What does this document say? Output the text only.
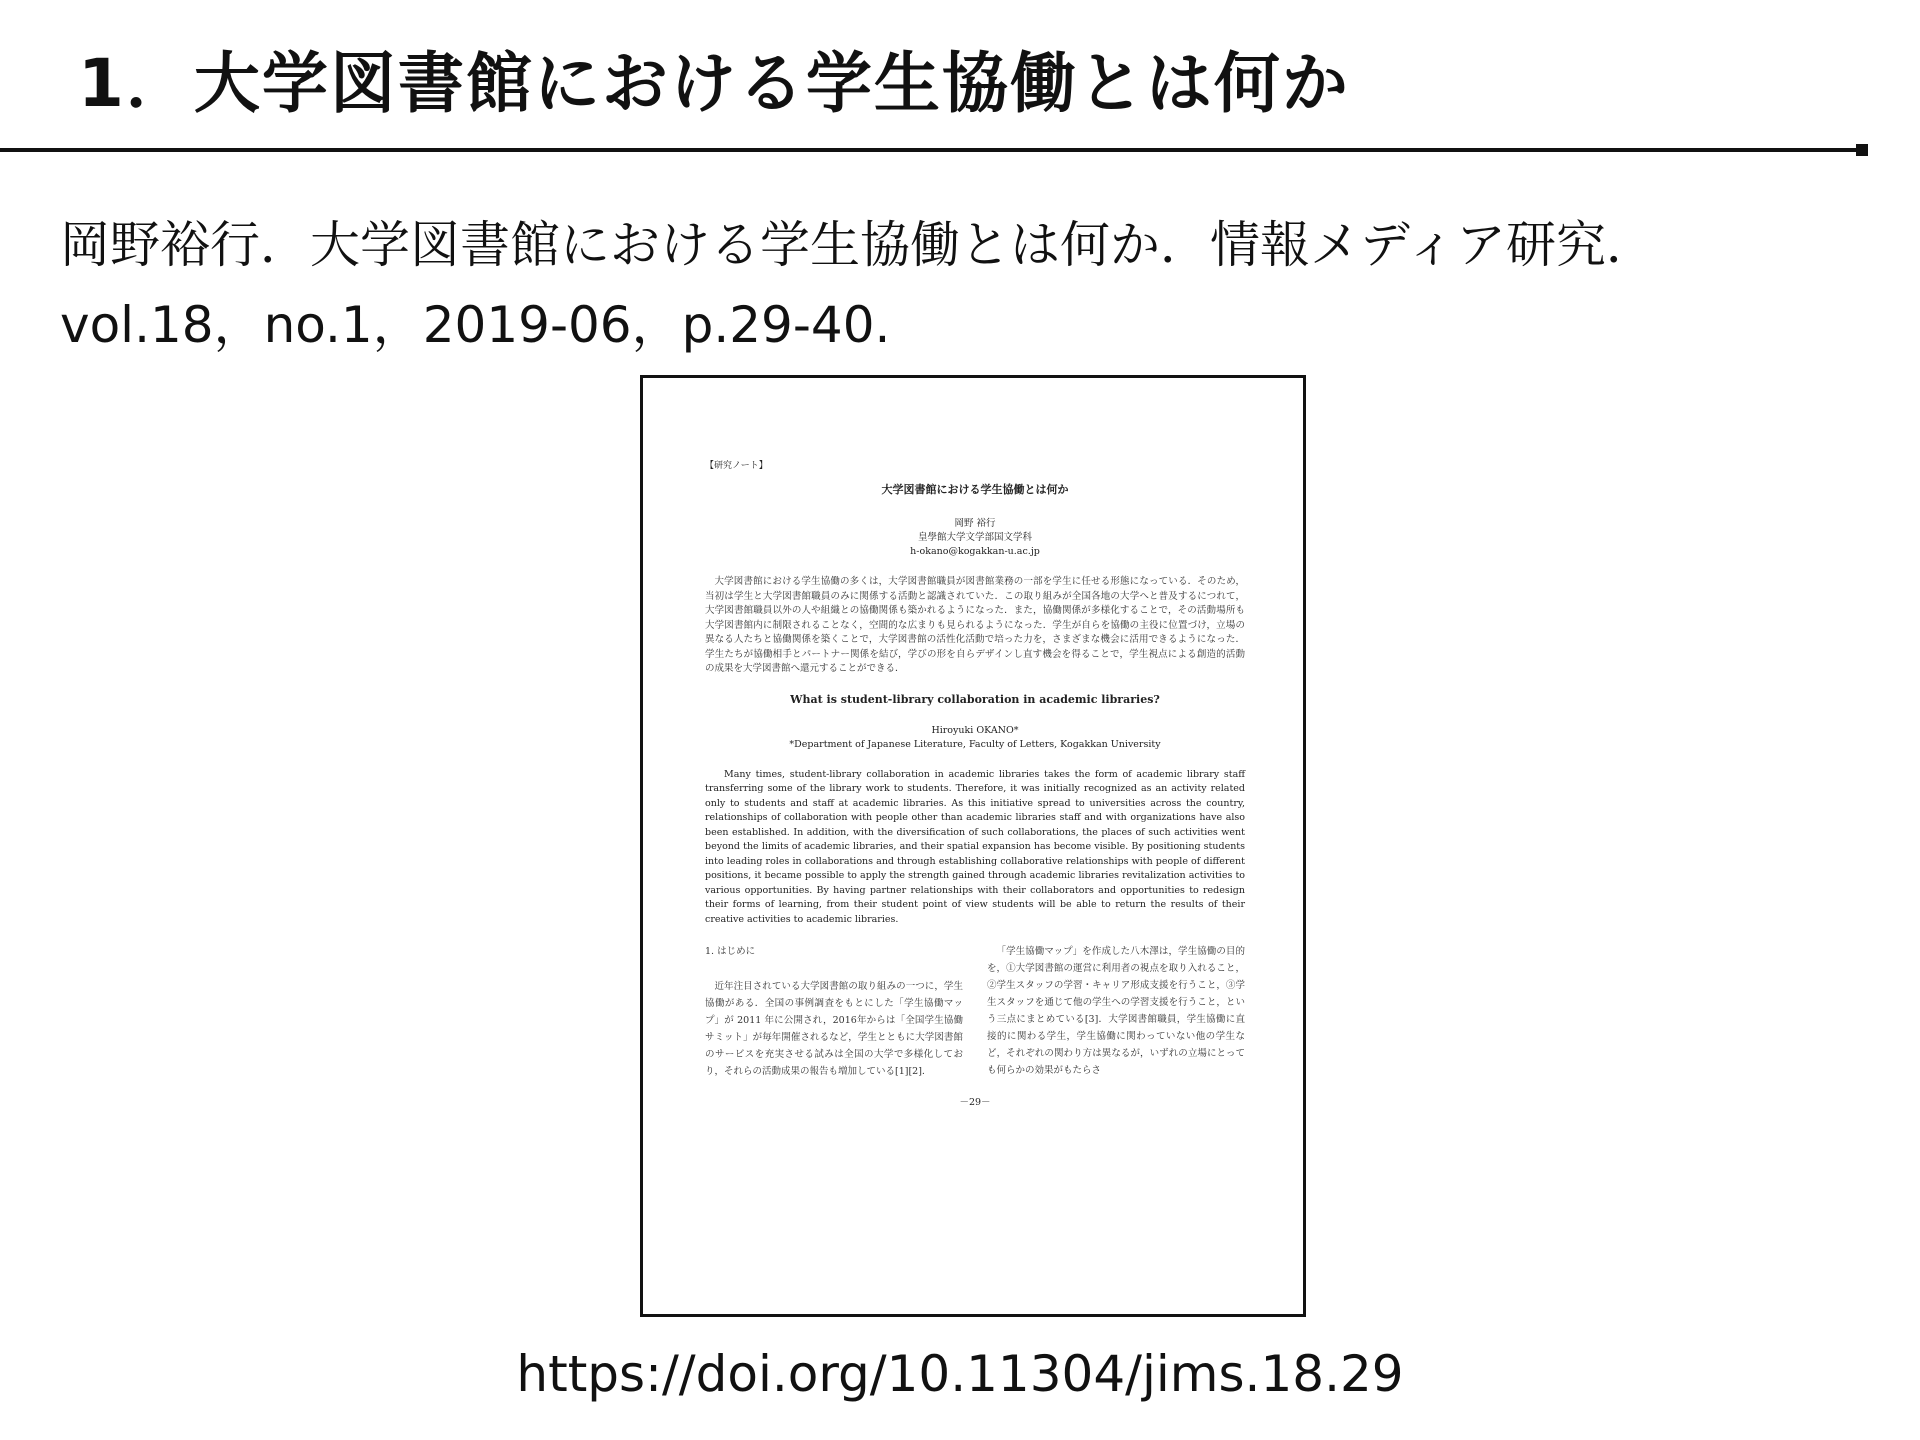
1．大学図書館における学生協働とは何か
岡野裕行．大学図書館における学生協働とは何か．情報メディア研究．
vol.18，no.1，2019-06，p.29-40.
【研究ノート】
大学図書館における学生協働とは何か
岡野 裕行
皇學館大学文学部国文学科
h-okano@kogakkan-u.ac.jp
大学図書館における学生協働の多くは，大学図書館職員が図書館業務の一部を学生に任せる形態になっている．そのため，当初は学生と大学図書館職員のみに関係する活動と認識されていた．この取り組みが全国各地の大学へと普及するにつれて，大学図書館職員以外の人や組織との協働関係も築かれるようになった．また，協働関係が多様化することで，その活動場所も大学図書館内に制限されることなく，空間的な広まりも見られるようになった．学生が自らを協働の主役に位置づけ，立場の異なる人たちと協働関係を築くことで，大学図書館の活性化活動で培った力を，さまざまな機会に活用できるようになった．学生たちが協働相手とパートナー関係を結び，学びの形を自らデザインし直す機会を得ることで，学生視点による創造的活動の成果を大学図書館へ還元することができる．
What is student-library collaboration in academic libraries?
Hiroyuki OKANO*
*Department of Japanese Literature, Faculty of Letters, Kogakkan University
Many times, student-library collaboration in academic libraries takes the form of academic library staff transferring some of the library work to students. Therefore, it was initially recognized as an activity related only to students and staff at academic libraries. As this initiative spread to universities across the country, relationships of collaboration with people other than academic libraries staff and with organizations have also been established. In addition, with the diversification of such collaborations, the places of such activities went beyond the limits of academic libraries, and their spatial expansion has become visible. By positioning students into leading roles in collaborations and through establishing collaborative relationships with people of different positions, it became possible to apply the strength gained through academic libraries revitalization activities to various opportunities. By having partner relationships with their collaborators and opportunities to redesign their forms of learning, from their student point of view students will be able to return the results of their creative activities to academic libraries.
1. はじめに
近年注目されている大学図書館の取り組みの一つに，学生協働がある．全国の事例調査をもとにした「学生協働マップ」が 2011 年に公開され，2016年からは「全国学生協働サミット」が毎年開催されるなど，学生とともに大学図書館のサービスを充実させる試みは全国の大学で多様化しており，それらの活動成果の報告も増加している[1][2].
「学生協働マップ」を作成した八木澤は，学生協働の目的を，①大学図書館の運営に利用者の視点を取り入れること，②学生スタッフの学習・キャリア形成支援を行うこと，③学生スタッフを通じて他の学生への学習支援を行うこと，という三点にまとめている[3]．大学図書館職員，学生協働に直接的に関わる学生，学生協働に関わっていない他の学生など，それぞれの関わり方は異なるが，いずれの立場にとっても何らかの効果がもたらさ
－29－
https://doi.org/10.11304/jims.18.29
